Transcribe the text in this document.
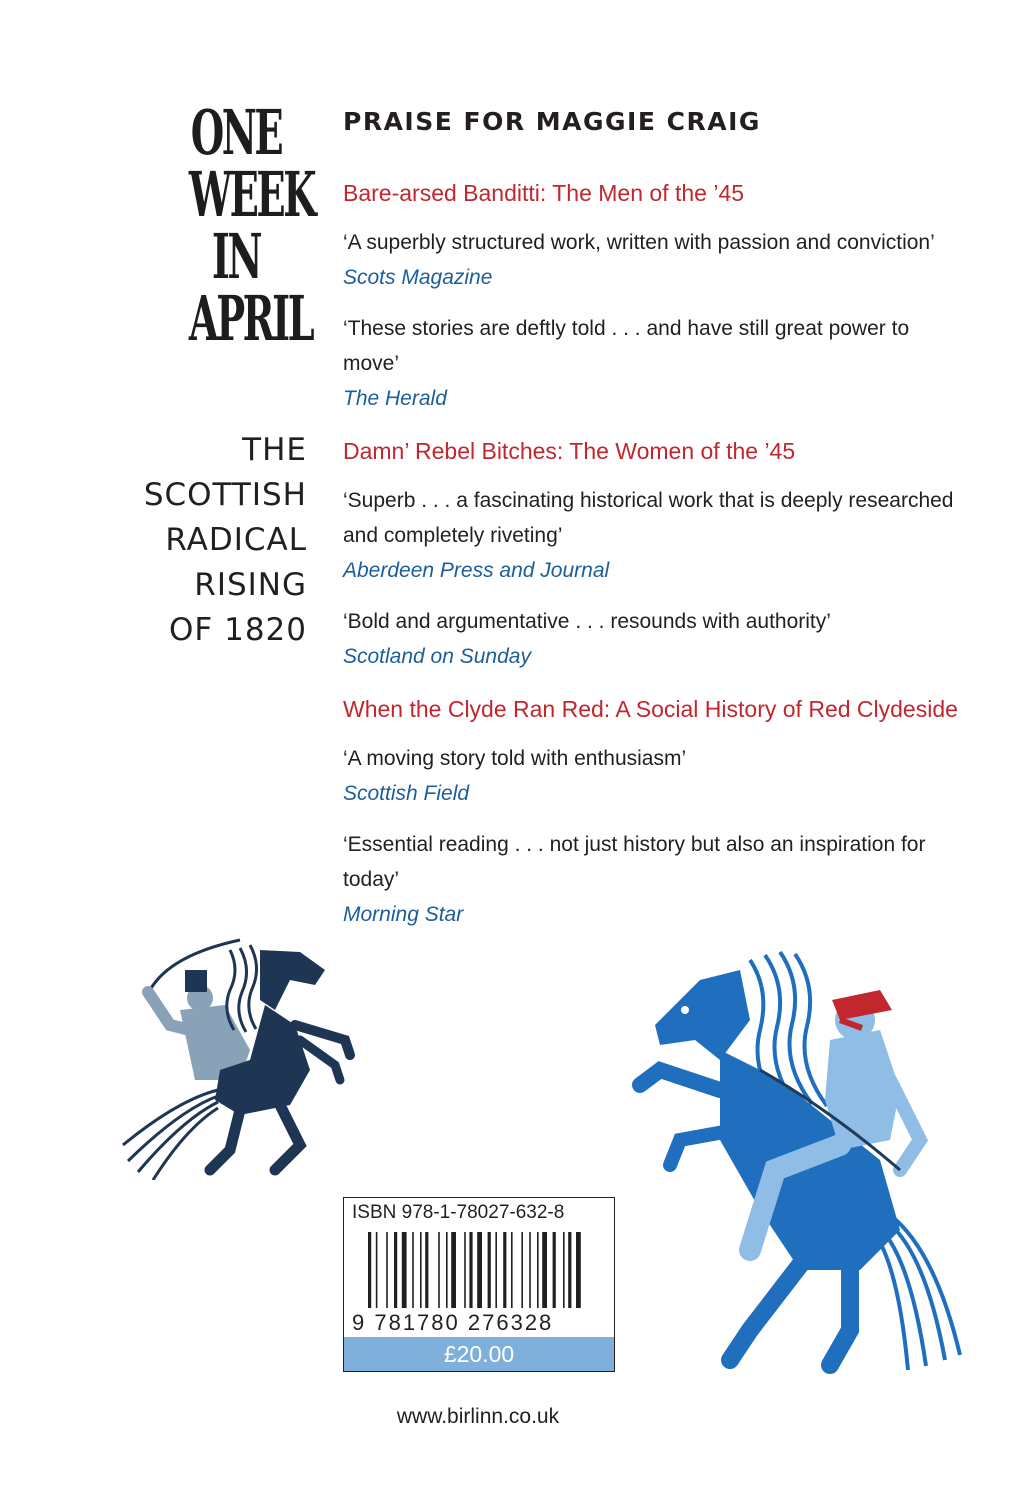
ONE
WEEK
IN
APRIL
THE
SCOTTISH
RADICAL
RISING
OF 1820
PRAISE FOR MAGGIE CRAIG

Bare-arsed Banditti: The Men of the ’45

‘A superbly structured work, written with passion and conviction’

Scots Magazine

‘These stories are deftly told . . . and have still great power to move’

The Herald

Damn’ Rebel Bitches: The Women of the ’45

‘Superb . . . a fascinating historical work that is deeply researched and completely riveting’

Aberdeen Press and Journal

‘Bold and argumentative . . . resounds with authority’

Scotland on Sunday

When the Clyde Ran Red: A Social History of Red Clydeside

‘A moving story told with enthusiasm’

Scottish Field

‘Essential reading . . . not just history but also an inspiration for today’

Morning Star

ISBN 978-1-78027-632-8
9 781780 276328
£20.00
www.birlinn.co.uk
